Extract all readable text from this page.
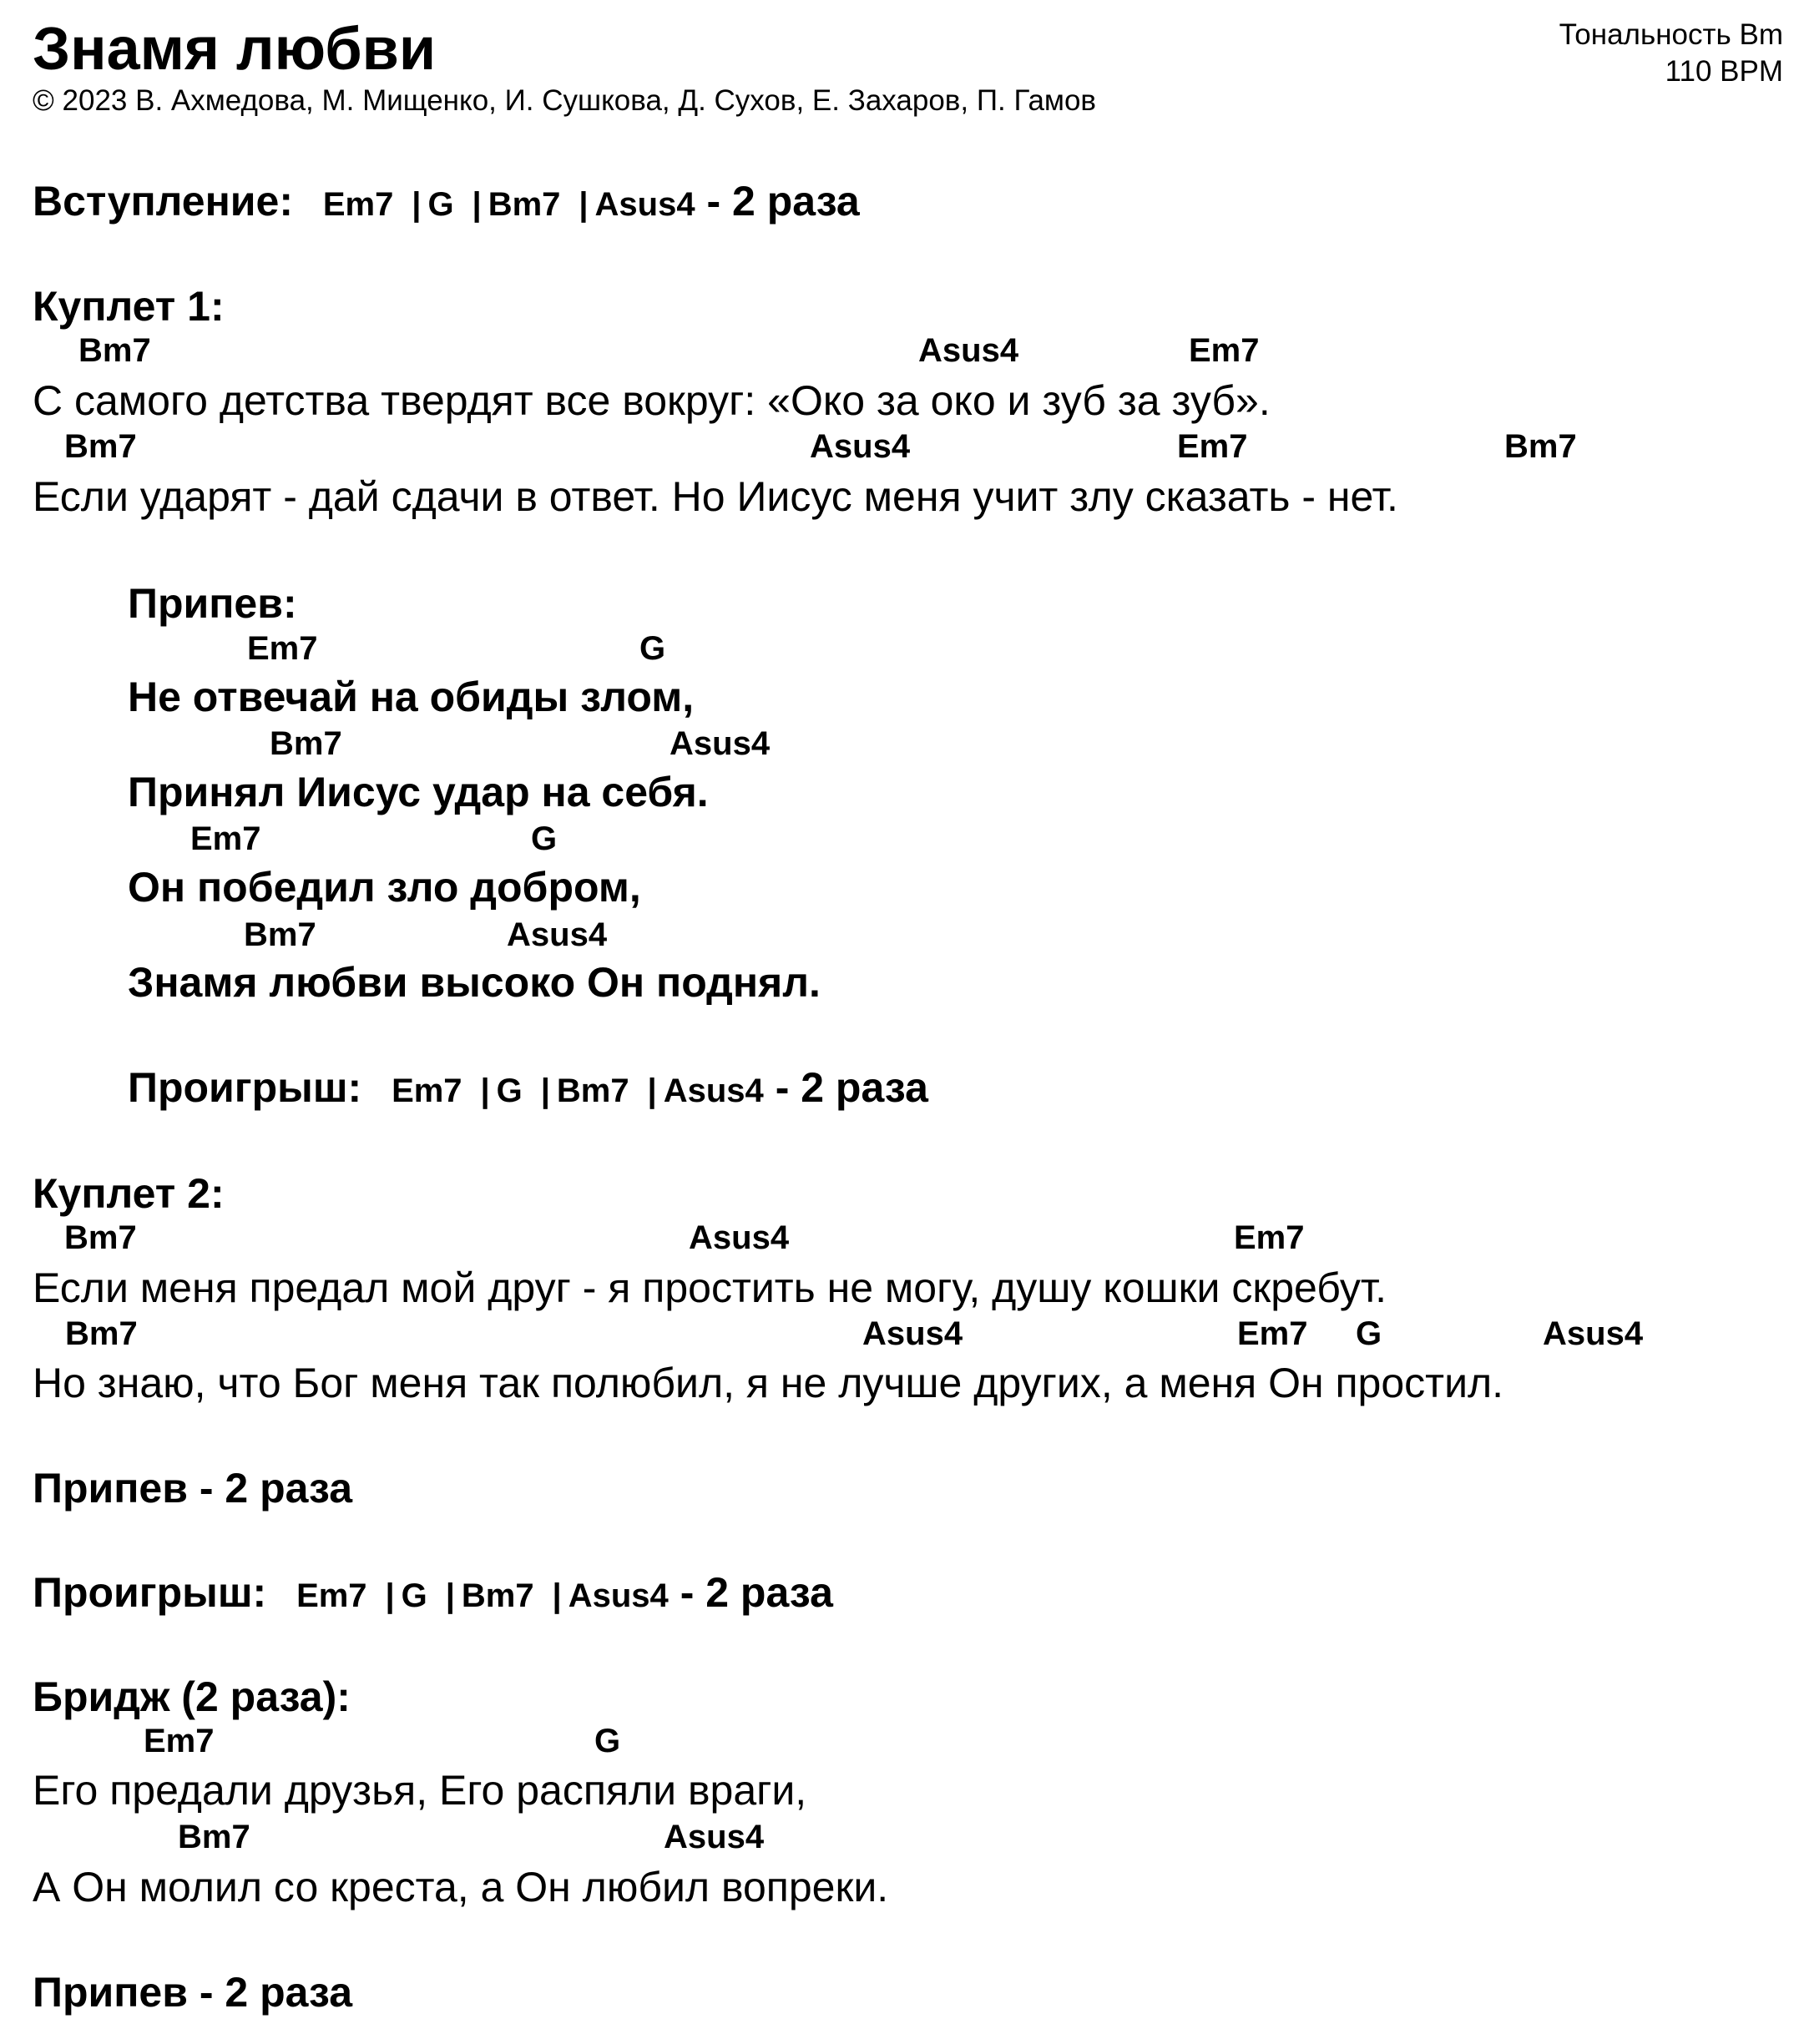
Знамя любви
© 2023 В. Ахмедова, М. Мищенко, И. Сушкова, Д. Сухов, Е. Захаров, П. Гамов
Тональность Bm
110 BPM
Вступление: Em7 | G | Bm7 | Asus4 - 2 раза
Куплет 1:
Bm7	Asus4	Em7
С самого детства твердят все вокруг: «Око за око и зуб за зуб».
Bm7	Asus4	Em7	Bm7
Если ударят - дай сдачи в ответ. Но Иисус меня учит злу сказать - нет.
Припев:
Em7	G
Не отвечай на обиды злом,
Bm7	Asus4
Принял Иисус удар на себя.
Em7	G
Он победил зло добром,
Bm7	Asus4
Знамя любви высоко Он поднял.
Проигрыш: Em7 | G | Bm7 | Asus4 - 2 раза
Куплет 2:
Bm7	Asus4	Em7
Если меня предал мой друг - я простить не могу, душу кошки скребут.
Bm7	Asus4	Em7 G	Asus4
Но знаю, что Бог меня так полюбил, я не лучше других, а меня Он простил.
Припев - 2 раза
Проигрыш: Em7 | G | Bm7 | Asus4 - 2 раза
Бридж (2 раза):
Em7	G
Его предали друзья, Его распяли враги,
Bm7	Asus4
А Он молил со креста, а Он любил вопреки.
Припев - 2 раза
